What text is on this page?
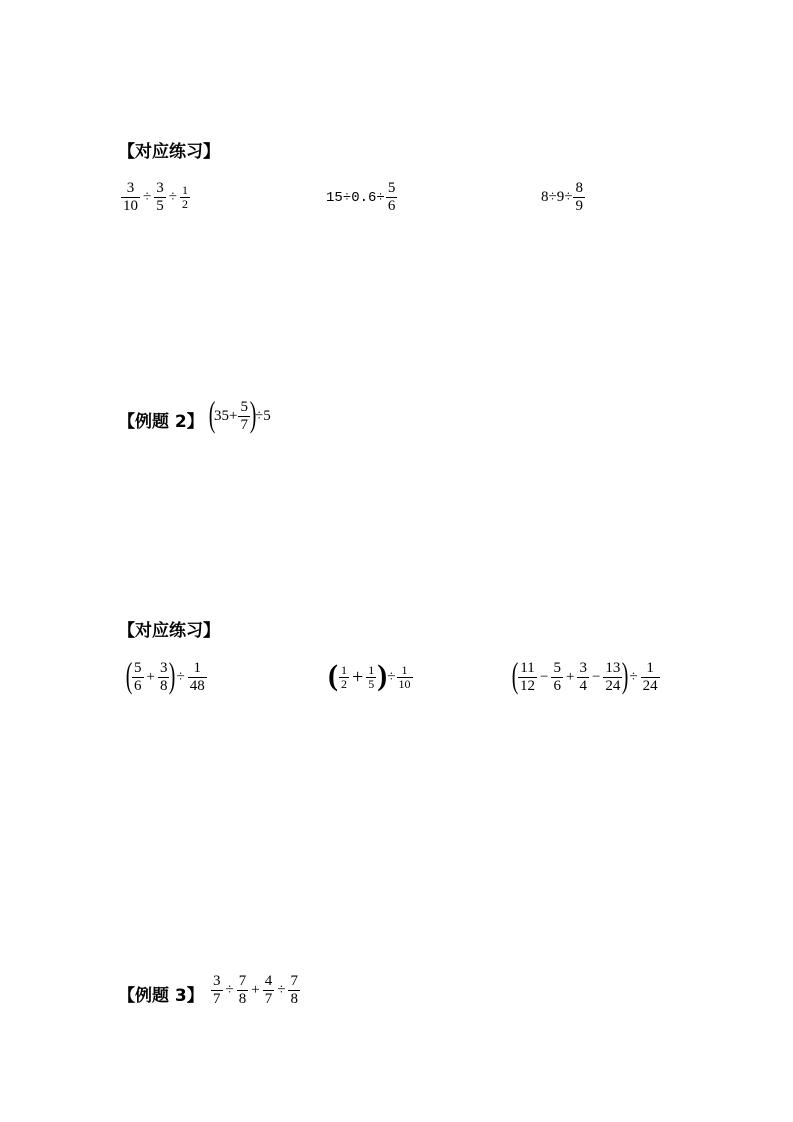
【对应练习】
$\frac{3}{10} \div \frac{3}{5} \div \frac{1}{2}$	$15\div 0.6\div \frac{5}{6}$	$8\div 9\div \frac{8}{9}$
【例题 2】 (
$35+ \frac{5}{7}$ )
÷5
【对应练习】
( $\frac{5}{6} + \frac{3}{8}$ ) ÷ $\frac{1}{48}$	( $\frac{1}{2} + \frac{1}{5}$ ) ÷ $\frac{1}{10}$	( $\frac{11}{12} - \frac{5}{6} + \frac{3}{4} - \frac{13}{24}$ ) ÷ $\frac{1}{24}$
【例题 3】 $\frac{3}{7} \div \frac{7}{8} + \frac{4}{7} \div \frac{7}{8}$
